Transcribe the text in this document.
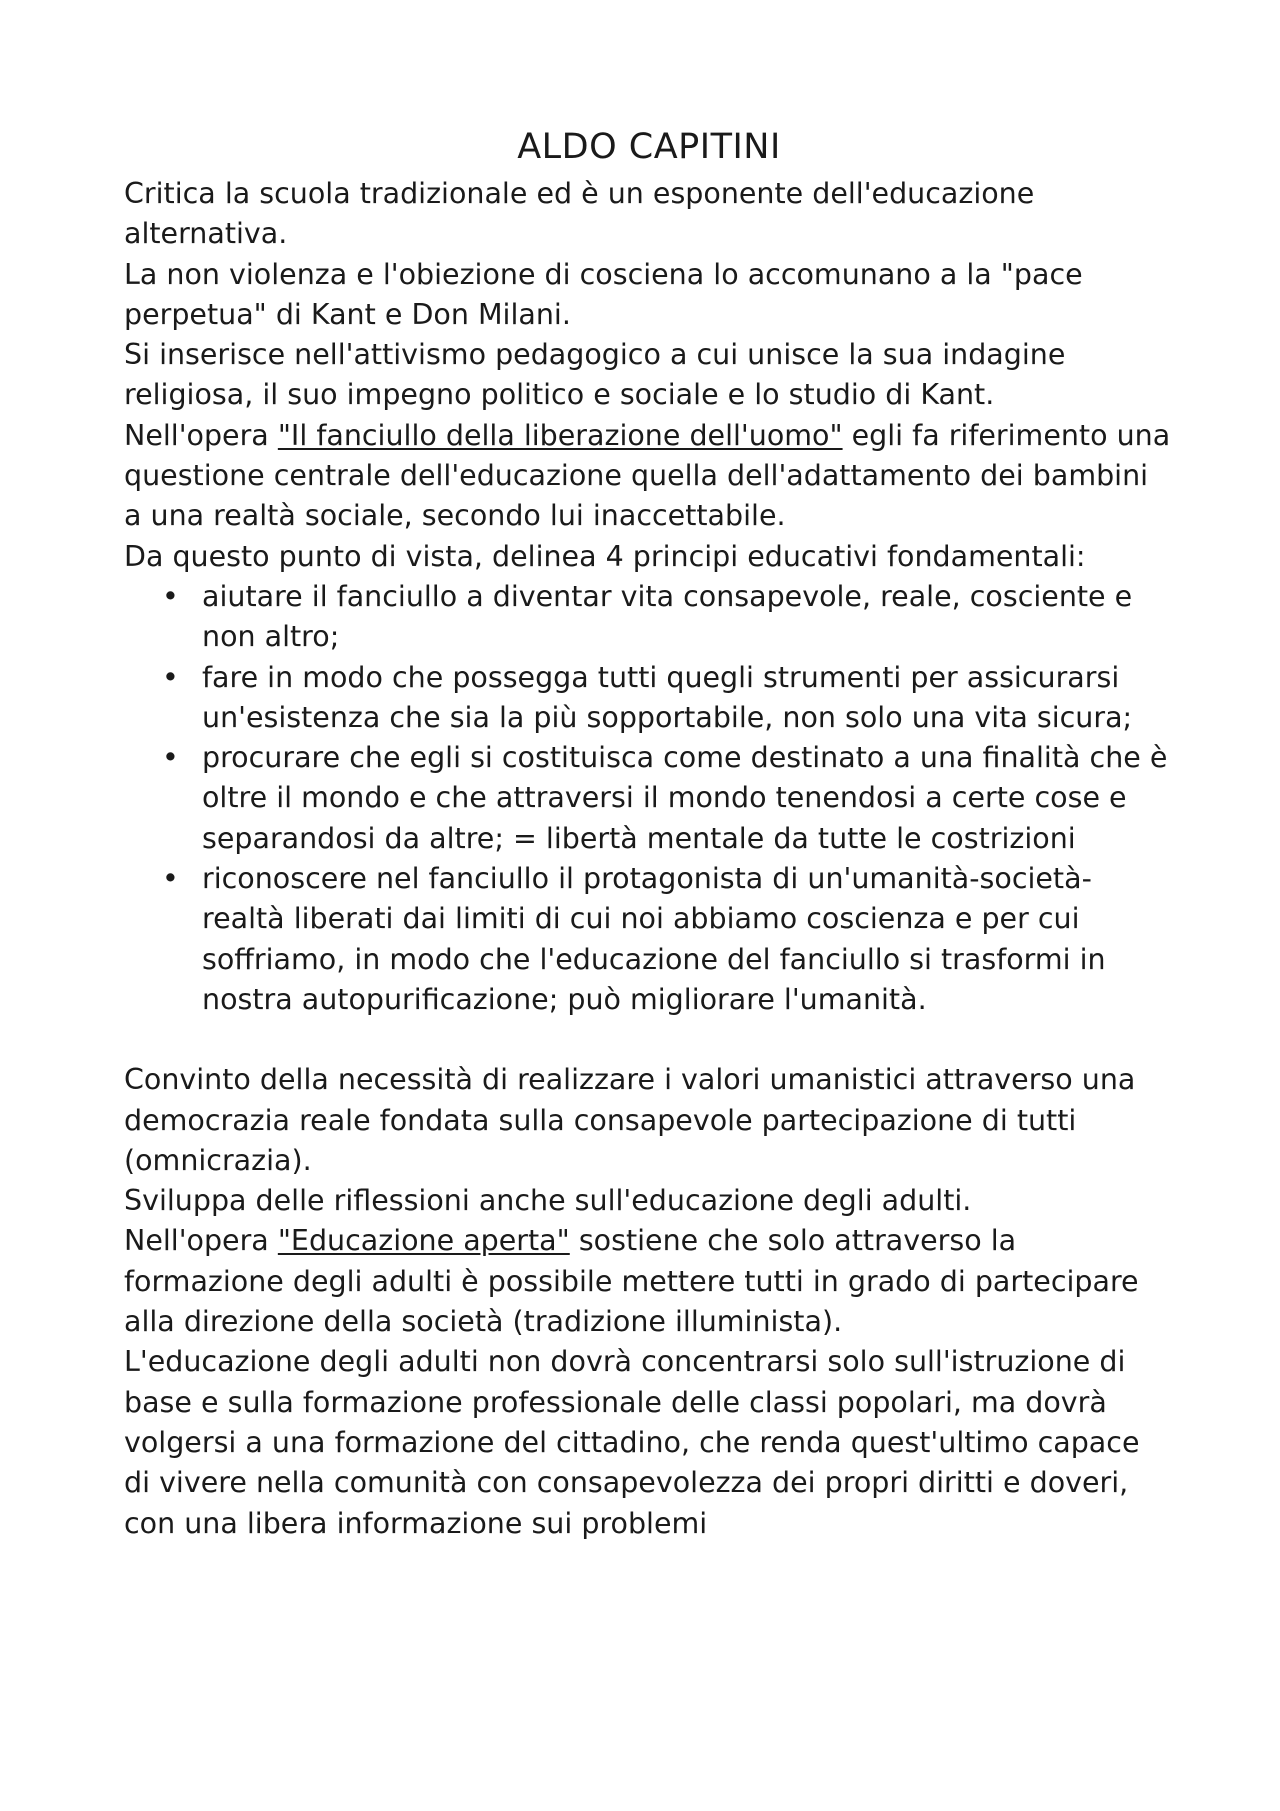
ALDO CAPITINI

Critica la scuola tradizionale ed è un esponente dell'educazione alternativa.

La non violenza e l'obiezione di cosciena lo accomunano a la "pace perpetua" di Kant e Don Milani.

Si inserisce nell'attivismo pedagogico a cui unisce la sua indagine religiosa, il suo impegno politico e sociale e lo studio di Kant.

Nell'opera "Il fanciullo della liberazione dell'uomo" egli fa riferimento una questione centrale dell'educazione quella dell'adattamento dei bambini a una realtà sociale, secondo lui inaccettabile.

Da questo punto di vista, delinea 4 principi educativi fondamentali:

• aiutare il fanciullo a diventar vita consapevole, reale, cosciente e non altro;
• fare in modo che possegga tutti quegli strumenti per assicurarsi un'esistenza che sia la più sopportabile, non solo una vita sicura;
• procurare che egli si costituisca come destinato a una finalità che è oltre il mondo e che attraversi il mondo tenendosi a certe cose e separandosi da altre; = libertà mentale da tutte le costrizioni
• riconoscere nel fanciullo il protagonista di un'umanità-società-realtà liberati dai limiti di cui noi abbiamo coscienza e per cui soffriamo, in modo che l'educazione del fanciullo si trasformi in nostra autopurificazione; può migliorare l'umanità.

Convinto della necessità di realizzare i valori umanistici attraverso una democrazia reale fondata sulla consapevole partecipazione di tutti (omnicrazia).

Sviluppa delle riflessioni anche sull'educazione degli adulti.

Nell'opera "Educazione aperta" sostiene che solo attraverso la formazione degli adulti è possibile mettere tutti in grado di partecipare alla direzione della società (tradizione illuminista).

L'educazione degli adulti non dovrà concentrarsi solo sull'istruzione di base e sulla formazione professionale delle classi popolari, ma dovrà volgersi a una formazione del cittadino, che renda quest'ultimo capace di vivere nella comunità con consapevolezza dei propri diritti e doveri, con una libera informazione sui problemi
